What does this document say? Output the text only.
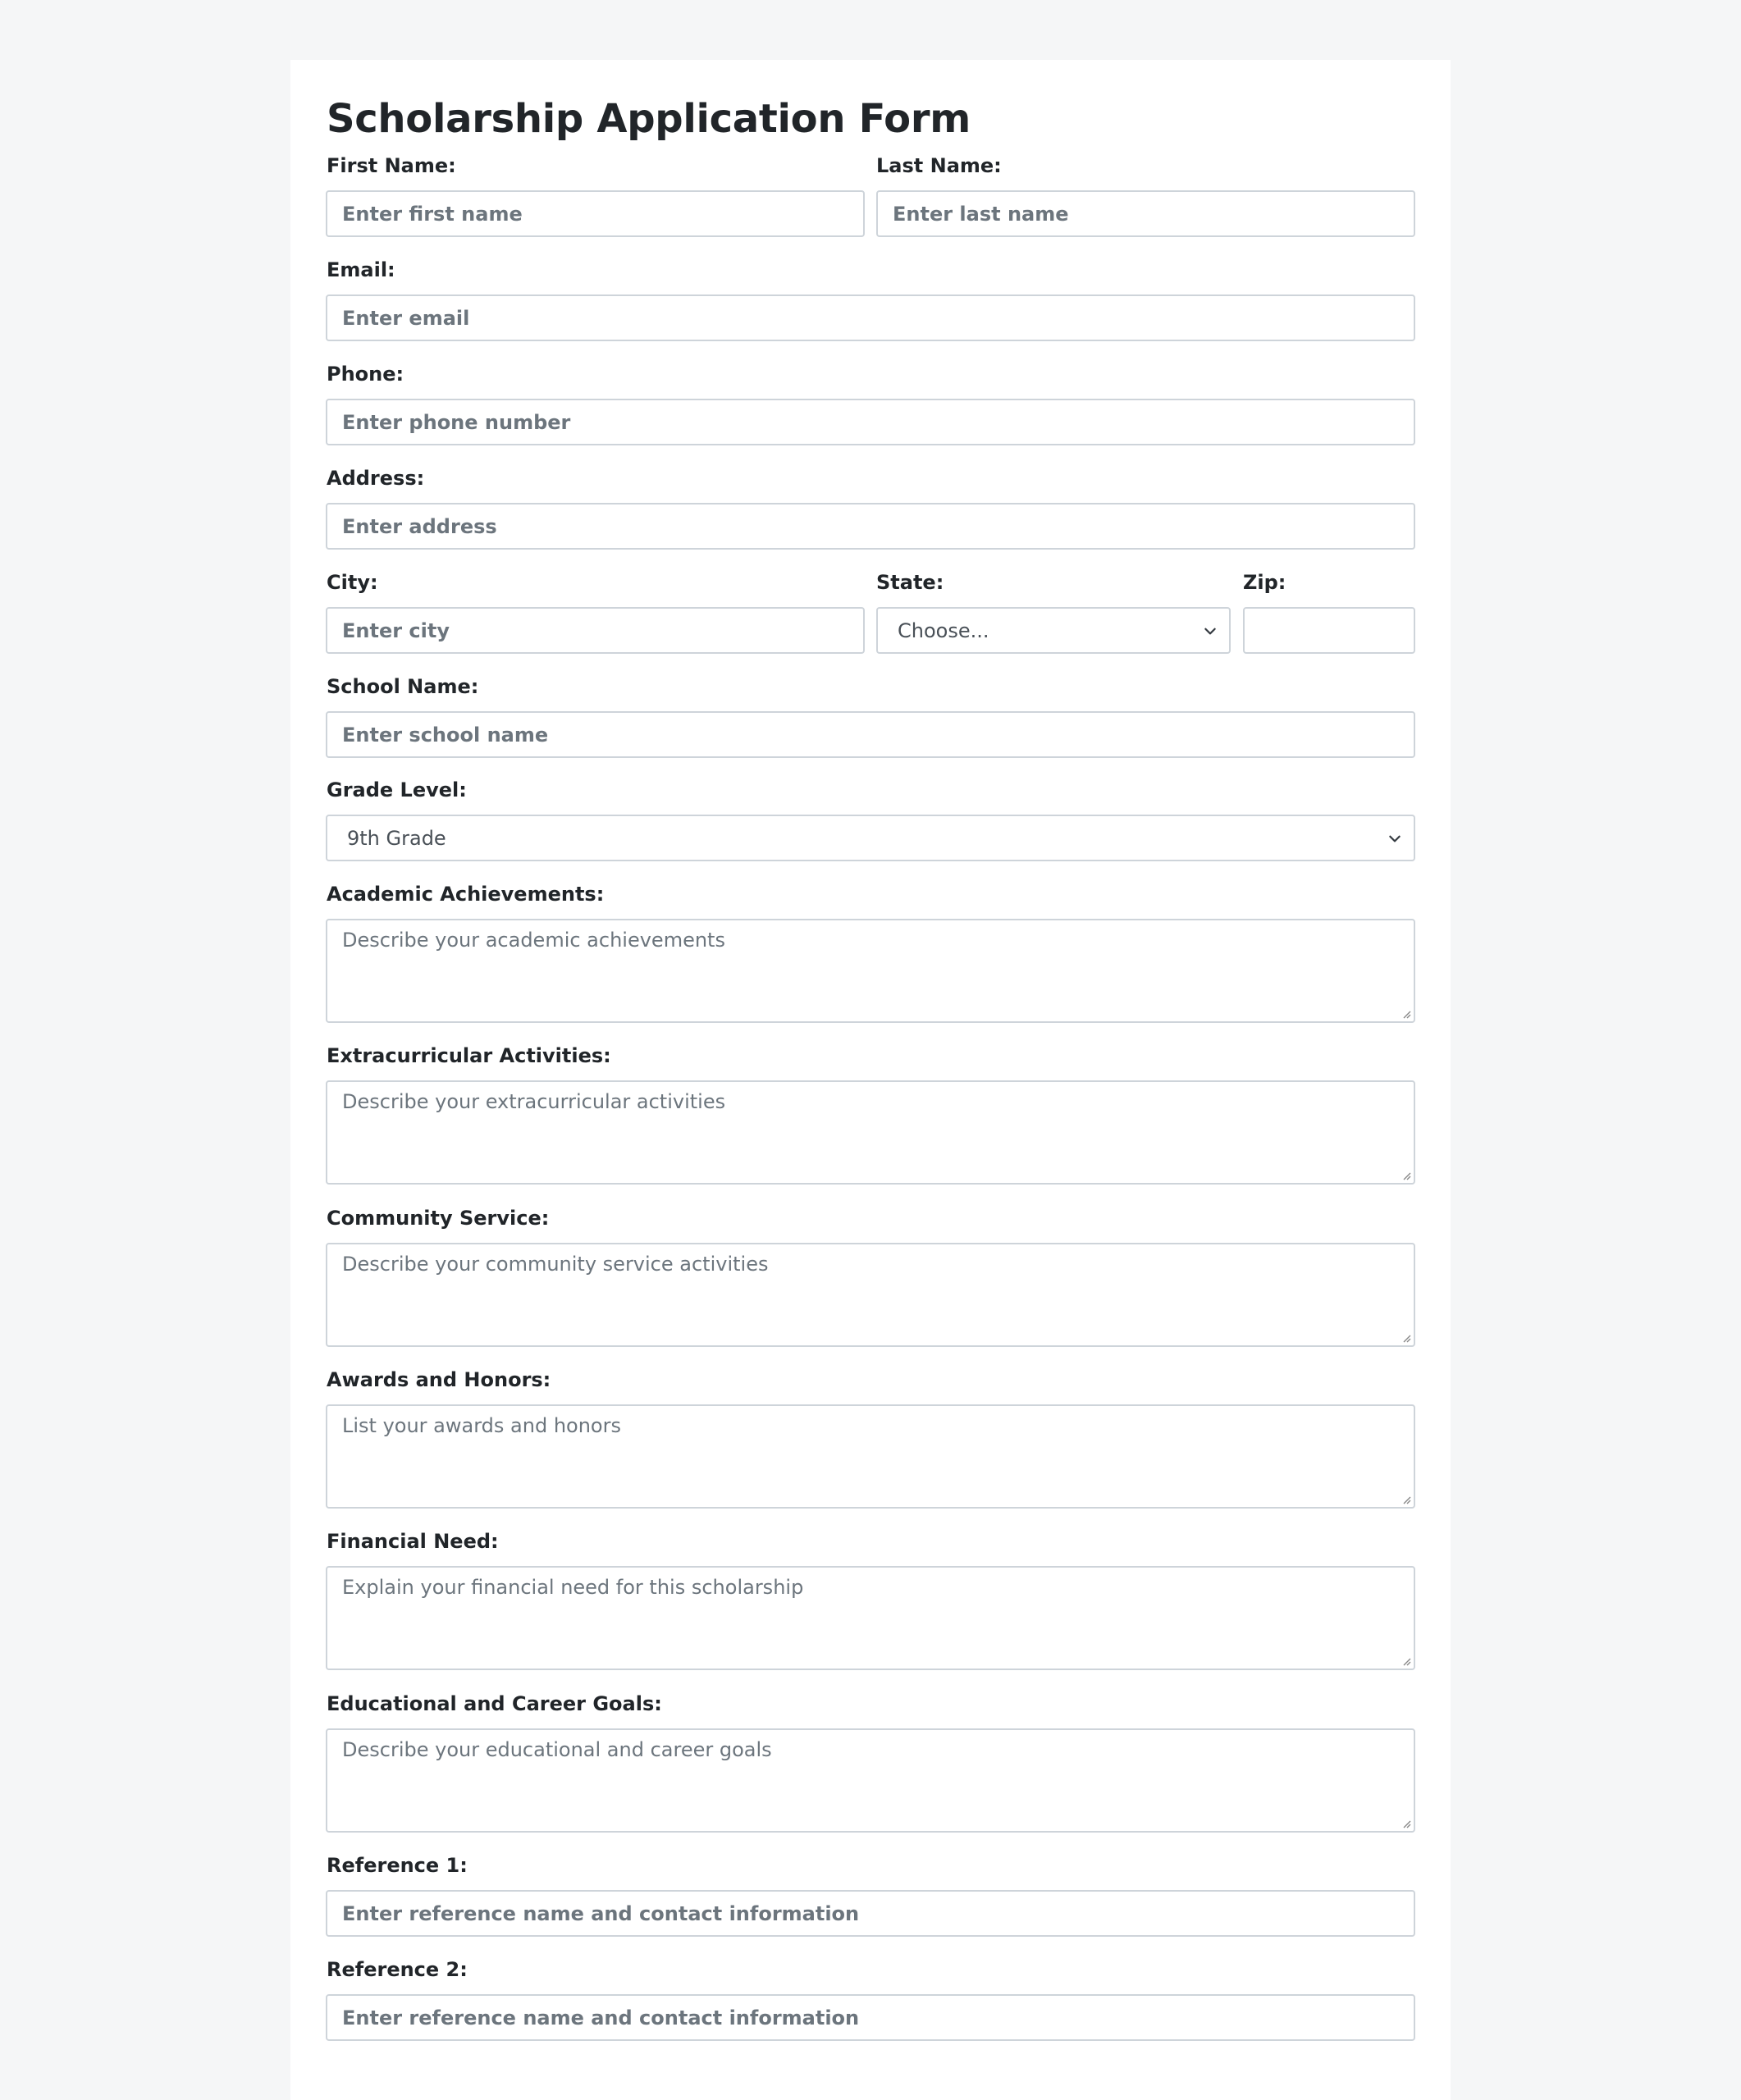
Scholarship Application Form
First Name:	Last Name:
Enter first name	Enter last name
Email:
Enter email
Phone:
Enter phone number
Address:
Enter address
City:	State:	Zip:
Enter city	Choose...
School Name:
Enter school name
Grade Level:
9th Grade
Academic Achievements:
Describe your academic achievements
Extracurricular Activities:
Describe your extracurricular activities
Community Service:
Describe your community service activities
Awards and Honors:
List your awards and honors
Financial Need:
Explain your financial need for this scholarship
Educational and Career Goals:
Describe your educational and career goals
Reference 1:
Enter reference name and contact information
Reference 2:
Enter reference name and contact information
